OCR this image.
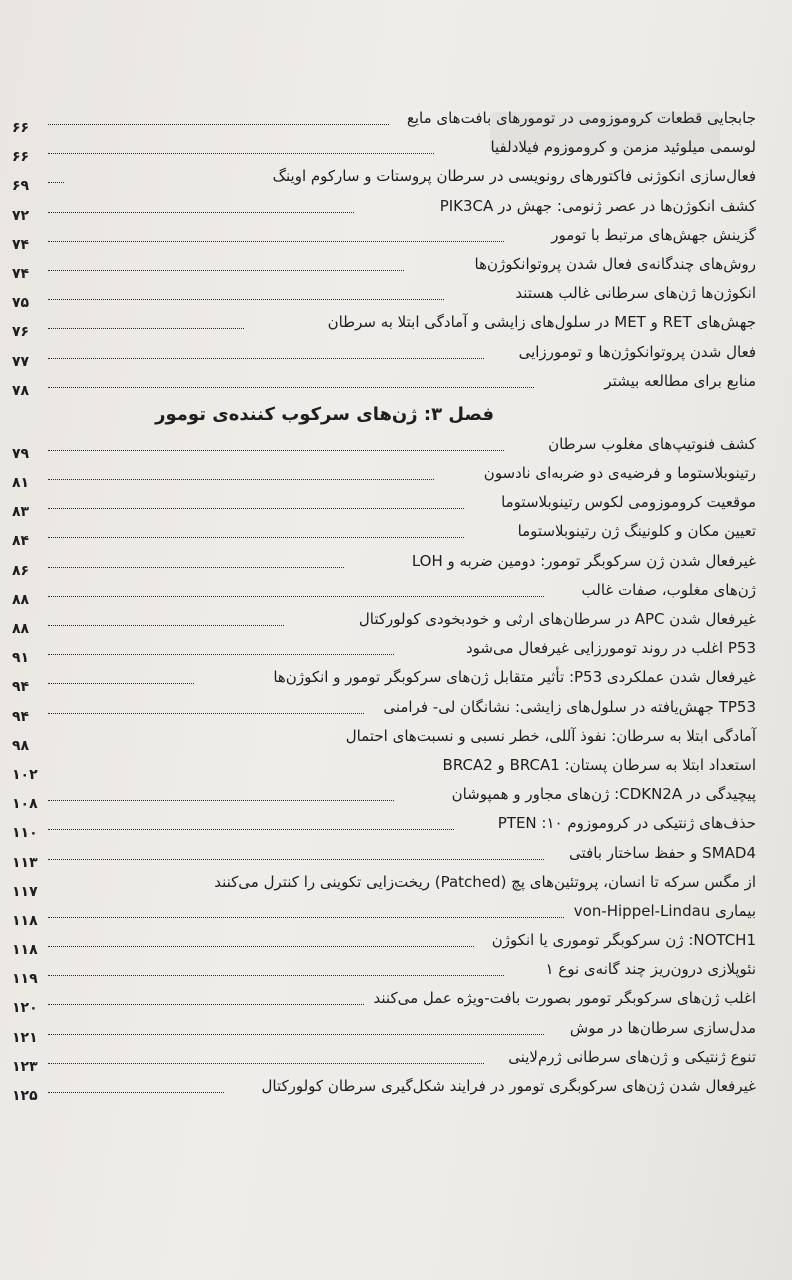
جابجایی قطعات کروموزومی در تومورهای بافت‌های مایع
۶۶
لوسمی میلوئید مزمن و کروموزوم فیلادلفیا
۶۶
فعال‌سازی انکوژنی فاکتورهای رونویسی در سرطان پروستات و سارکوم اوینگ
۶۹
کشف انکوژن‌ها در عصر ژنومی: جهش در PIK3CA
۷۲
گزینش جهش‌های مرتبط با تومور
۷۴
روش‌های چندگانه‌ی فعال شدن پروتوانکوژن‌ها
۷۴
انکوژن‌ها ژن‌های سرطانی غالب هستند
۷۵
جهش‌های RET و MET در سلول‌های زایشی و آمادگی ابتلا به سرطان
۷۶
فعال شدن پروتوانکوژن‌ها و تومورزایی
۷۷
منابع برای مطالعه بیشتر
۷۸
فصل ۳: ژن‌های سرکوب کننده‌ی تومور
کشف فنوتیپ‌های مغلوب سرطان
۷۹
رتینوبلاستوما و فرضیه‌ی دو ضربه‌ای نادسون
۸۱
موقعیت کروموزومی لکوس رتینوبلاستوما
۸۳
تعیین مکان و کلونینگ ژن رتینوبلاستوما
۸۴
غیرفعال شدن ژن سرکوبگر تومور: دومین ضربه و LOH
۸۶
ژن‌های مغلوب، صفات غالب
۸۸
غیرفعال شدن APC در سرطان‌های ارثی و خودبخودی کولورکتال
۸۸
P53 اغلب در روند تومورزایی غیرفعال می‌شود
۹۱
غیرفعال شدن عملکردی P53: تأثیر متقابل ژن‌های سرکوبگر تومور و انکوژن‌ها
۹۴
TP53 جهش‌یافته در سلول‌های زایشی: نشانگان لی- فرامنی
۹۴
آمادگی ابتلا به سرطان: نفوذ آللی، خطر نسبی و نسبت‌های احتمال
۹۸
استعداد ابتلا به سرطان پستان: BRCA1 و BRCA2
۱۰۲
پیچیدگی در CDKN2A: ژن‌های مجاور و همپوشان
۱۰۸
حذف‌های ژنتیکی در کروموزوم ۱۰: PTEN
۱۱۰
SMAD4 و حفظ ساختار بافتی
۱۱۳
از مگس سرکه تا انسان، پروتئین‌های پچ (Patched) ریخت‌زایی تکوینی را کنترل می‌کنند
۱۱۷
بیماری von-Hippel-Lindau
۱۱۸
NOTCH1: ژن سرکوبگر توموری یا انکوژن
۱۱۸
نئوپلازی درون‌ریز چند گانه‌ی نوع ۱
۱۱۹
اغلب ژن‌های سرکوبگر تومور بصورت بافت-ویژه عمل می‌کنند
۱۲۰
مدل‌سازی سرطان‌ها در موش
۱۲۱
تنوع ژنتیکی و ژن‌های سرطانی ژرم‌لاینی
۱۲۳
غیرفعال شدن ژن‌های سرکوبگری تومور در فرایند شکل‌گیری سرطان کولورکتال
۱۲۵
